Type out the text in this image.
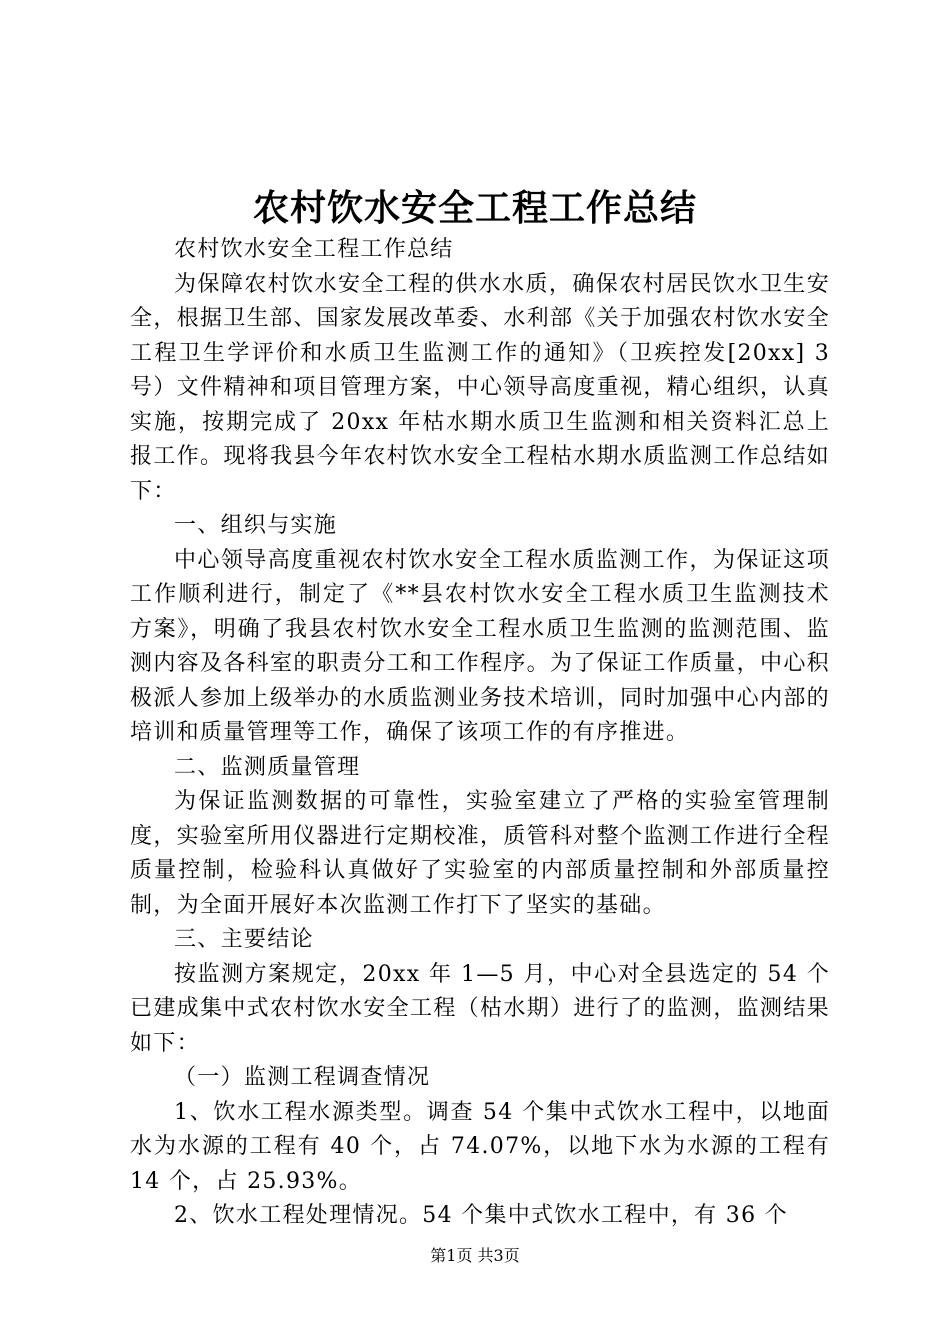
农村饮水安全工程工作总结

农村饮水安全工程工作总结

为保障农村饮水安全工程的供水水质，确保农村居民饮水卫生安全，根据卫生部、国家发展改革委、水利部《关于加强农村饮水安全工程卫生学评价和水质卫生监测工作的通知》（卫疾控发[20xx] 3 号）文件精神和项目管理方案，中心领导高度重视，精心组织，认真实施，按期完成了 20xx 年枯水期水质卫生监测和相关资料汇总上报工作。现将我县今年农村饮水安全工程枯水期水质监测工作总结如下：

一、组织与实施

中心领导高度重视农村饮水安全工程水质监测工作，为保证这项工作顺利进行，制定了《**县农村饮水安全工程水质卫生监测技术方案》，明确了我县农村饮水安全工程水质卫生监测的监测范围、监测内容及各科室的职责分工和工作程序。为了保证工作质量，中心积极派人参加上级举办的水质监测业务技术培训，同时加强中心内部的培训和质量管理等工作，确保了该项工作的有序推进。

二、监测质量管理

为保证监测数据的可靠性，实验室建立了严格的实验室管理制度，实验室所用仪器进行定期校准，质管科对整个监测工作进行全程质量控制，检验科认真做好了实验室的内部质量控制和外部质量控制，为全面开展好本次监测工作打下了坚实的基础。

三、主要结论

按监测方案规定，20xx 年 1—5 月，中心对全县选定的 54 个已建成集中式农村饮水安全工程（枯水期）进行了的监测，监测结果如下：

（一）监测工程调查情况

1、饮水工程水源类型。调查 54 个集中式饮水工程中，以地面水为水源的工程有 40 个，占 74.07%，以地下水为水源的工程有 14 个，占 25.93%。

2、饮水工程处理情况。54 个集中式饮水工程中，有 36 个

第1页 共3页
